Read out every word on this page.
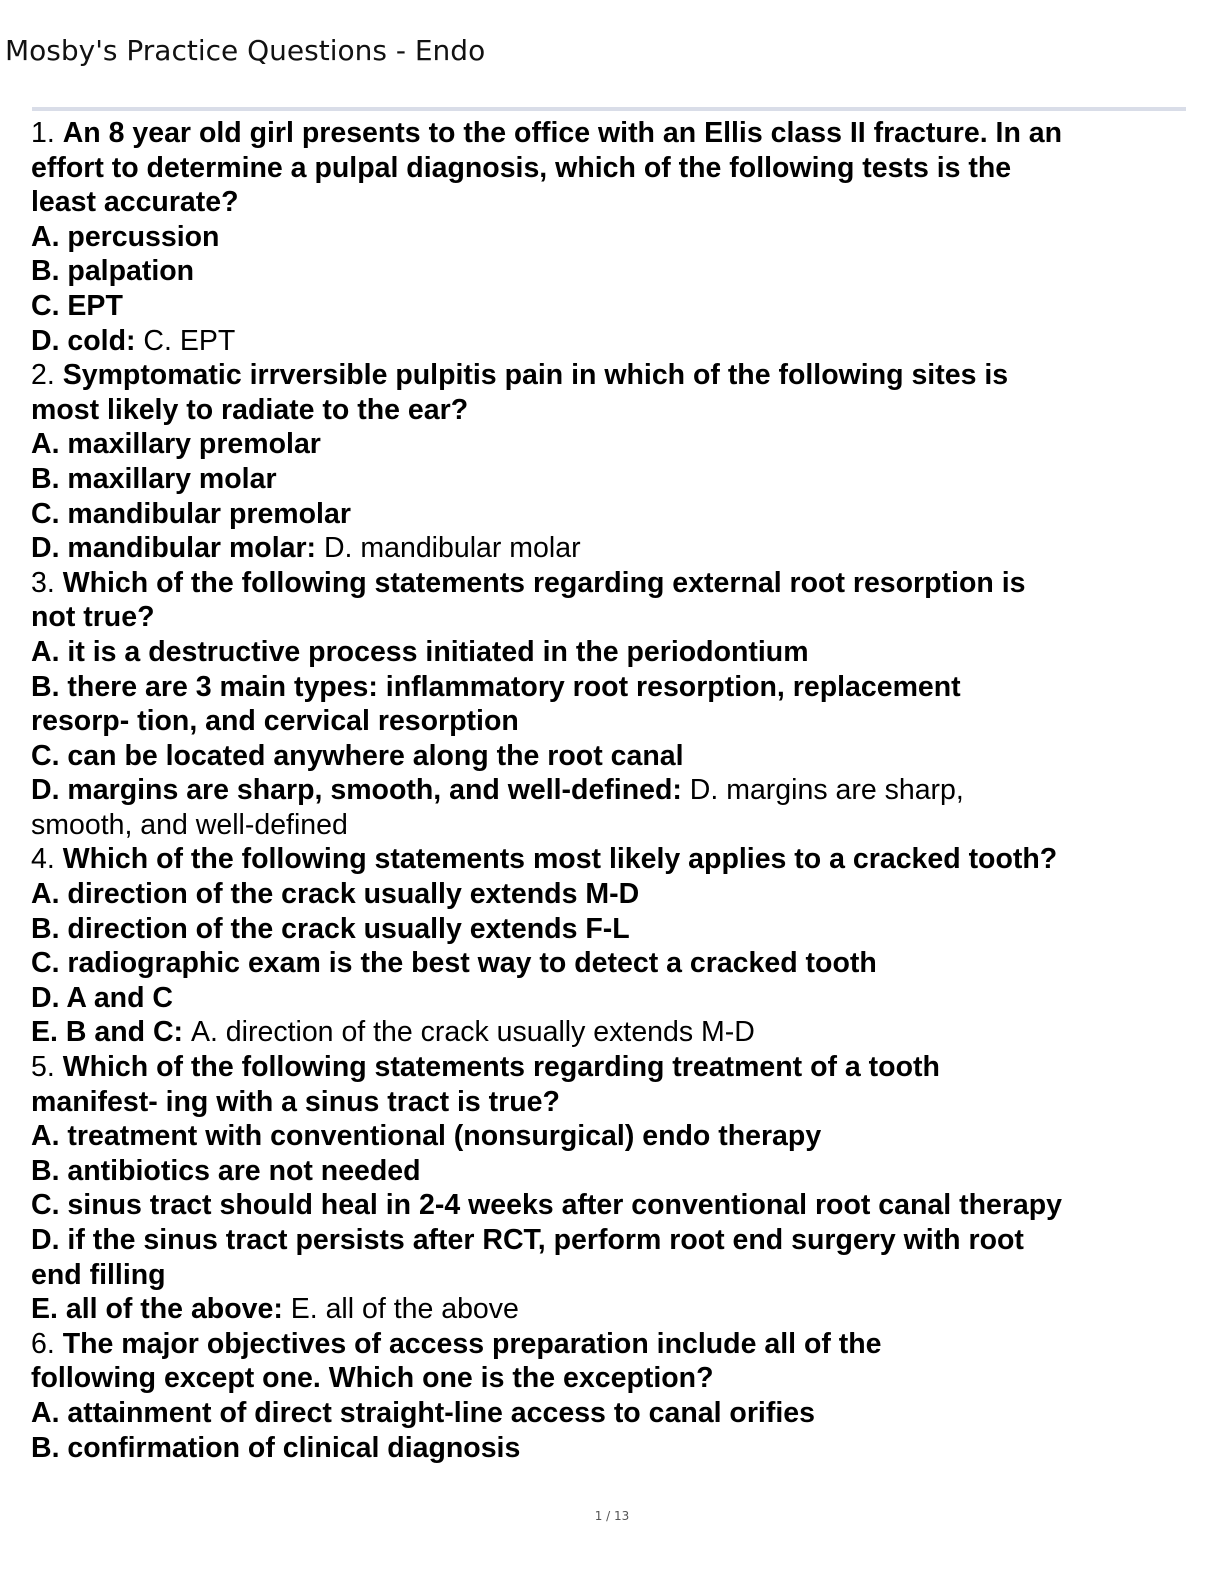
Mosby's Practice Questions - Endo
1. An 8 year old girl presents to the office with an Ellis class II fracture. In an
effort to determine a pulpal diagnosis, which of the following tests is the
least accurate?
A. percussion
B. palpation
C. EPT
D. cold: C. EPT
2. Symptomatic irrversible pulpitis pain in which of the following sites is
most likely to radiate to the ear?
A. maxillary premolar
B. maxillary molar
C. mandibular premolar
D. mandibular molar: D. mandibular molar
3. Which of the following statements regarding external root resorption is
not true?
A. it is a destructive process initiated in the periodontium
B. there are 3 main types: inflammatory root resorption, replacement
resorp- tion, and cervical resorption
C. can be located anywhere along the root canal
D. margins are sharp, smooth, and well-defined: D. margins are sharp,
smooth, and well-defined
4. Which of the following statements most likely applies to a cracked tooth?
A. direction of the crack usually extends M-D
B. direction of the crack usually extends F-L
C. radiographic exam is the best way to detect a cracked tooth
D. A and C
E. B and C: A. direction of the crack usually extends M-D
5. Which of the following statements regarding treatment of a tooth
manifest- ing with a sinus tract is true?
A. treatment with conventional (nonsurgical) endo therapy
B. antibiotics are not needed
C. sinus tract should heal in 2-4 weeks after conventional root canal therapy
D. if the sinus tract persists after RCT, perform root end surgery with root
end filling
E. all of the above: E. all of the above
6. The major objectives of access preparation include all of the
following except one. Which one is the exception?
A. attainment of direct straight-line access to canal orifies
B. confirmation of clinical diagnosis
1 / 13
